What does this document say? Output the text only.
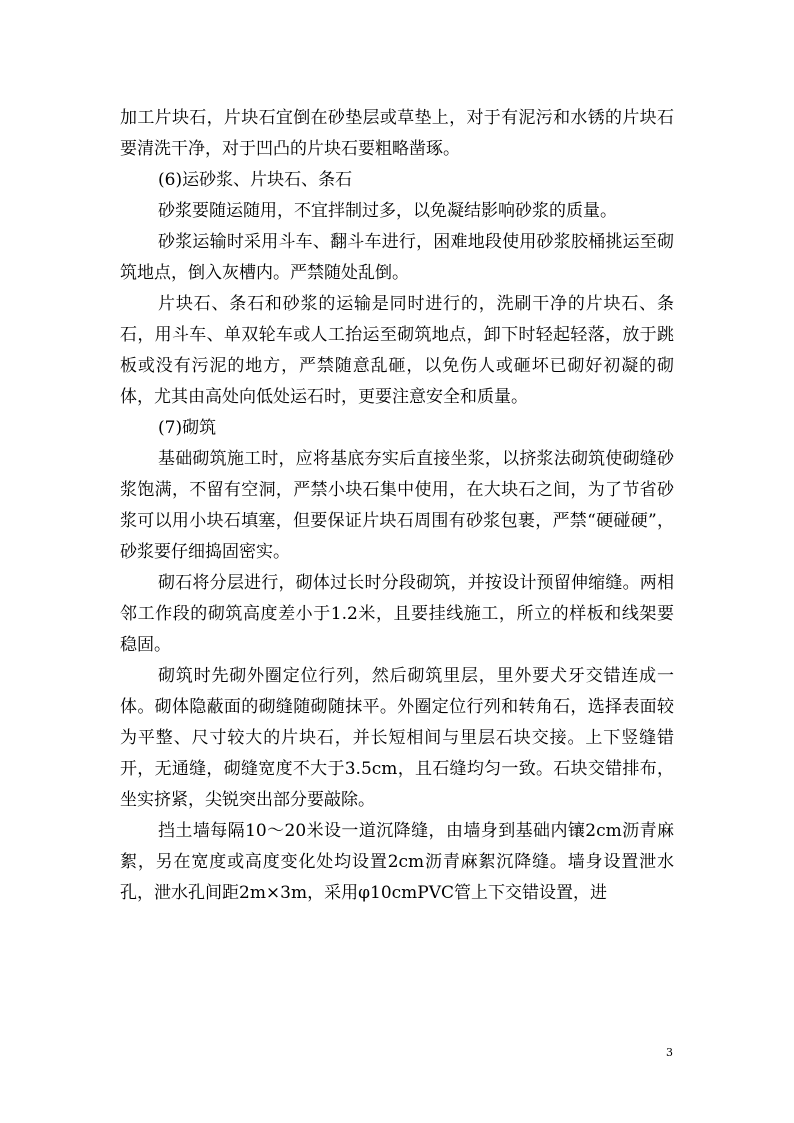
加工片块石，片块石宜倒在砂垫层或草垫上，对于有泥污和水锈的片块石要清洗干净，对于凹凸的片块石要粗略凿琢。

(6)运砂浆、片块石、条石

砂浆要随运随用，不宜拌制过多，以免凝结影响砂浆的质量。

砂浆运输时采用斗车、翻斗车进行，困难地段使用砂浆胶桶挑运至砌筑地点，倒入灰槽内。严禁随处乱倒。

片块石、条石和砂浆的运输是同时进行的，洗刷干净的片块石、条石，用斗车、单双轮车或人工抬运至砌筑地点，卸下时轻起轻落，放于跳板或没有污泥的地方，严禁随意乱砸，以免伤人或砸坏已砌好初凝的砌体，尤其由高处向低处运石时，更要注意安全和质量。

(7)砌筑

基础砌筑施工时，应将基底夯实后直接坐浆，以挤浆法砌筑使砌缝砂浆饱满，不留有空洞，严禁小块石集中使用，在大块石之间，为了节省砂浆可以用小块石填塞，但要保证片块石周围有砂浆包裹，严禁“硬碰硬”，砂浆要仔细捣固密实。

砌石将分层进行，砌体过长时分段砌筑，并按设计预留伸缩缝。两相邻工作段的砌筑高度差小于1.2米，且要挂线施工，所立的样板和线架要稳固。

砌筑时先砌外圈定位行列，然后砌筑里层，里外要犬牙交错连成一体。砌体隐蔽面的砌缝随砌随抹平。外圈定位行列和转角石，选择表面较为平整、尺寸较大的片块石，并长短相间与里层石块交接。上下竖缝错开，无通缝，砌缝宽度不大于3.5cm，且石缝均匀一致。石块交错排布，坐实挤紧，尖锐突出部分要敲除。

挡土墙每隔10～20米设一道沉降缝，由墙身到基础内镶2cm沥青麻絮，另在宽度或高度变化处均设置2cm沥青麻絮沉降缝。墙身设置泄水孔，泄水孔间距2m×3m，采用φ10cmPVC管上下交错设置，进

3
